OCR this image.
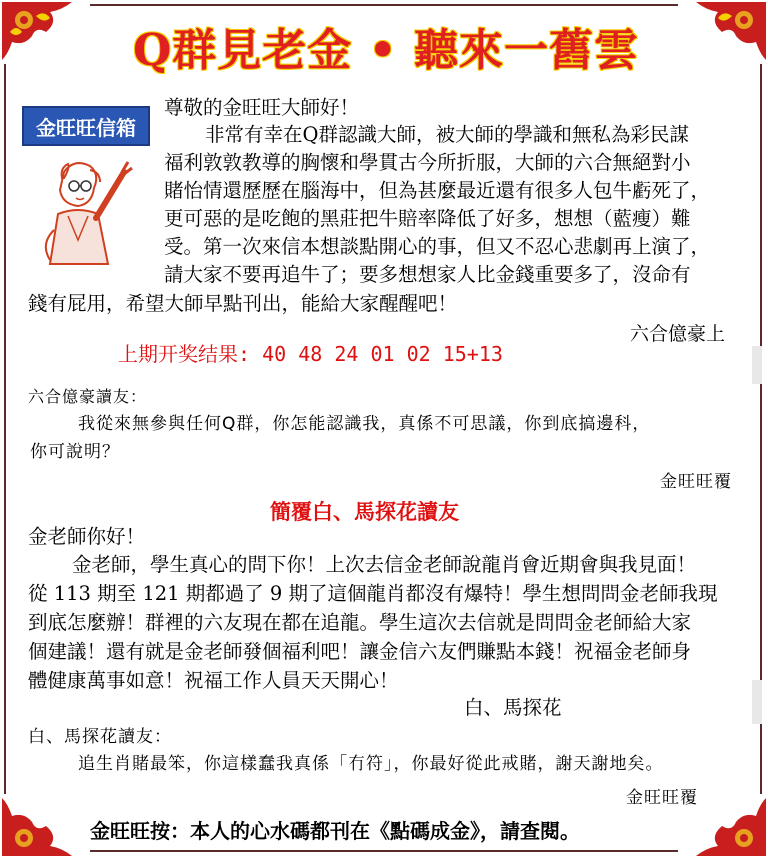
Q群見老金 • 聽來一舊雲
金旺旺信箱
尊敬的金旺旺大師好！
非常有幸在Q群認識大師，被大師的學識和無私為彩民謀
福利敦敦教導的胸懷和學貫古今所折服，大師的六合無絕對小
賭怡情還歷歷在腦海中，但為甚麼最近還有很多人包牛虧死了，
更可惡的是吃飽的黑莊把牛賠率降低了好多，想想（藍瘦）難
受。第一次來信本想談點開心的事，但又不忍心悲劇再上演了，
請大家不要再追牛了；要多想想家人比金錢重要多了，沒命有
錢有屁用，希望大師早點刊出，能給大家醒醒吧！
六合億豪上
上期开奖结果: 40 48 24 01 02 15+13
六合億豪讀友：
我從來無參與任何Q群，你怎能認識我，真係不可思議，你到底搞邊科，
你可說明？
金旺旺覆
簡覆白、馬探花讀友
金老師你好！
金老師，學生真心的問下你！上次去信金老師說龍肖會近期會與我見面！
從 113 期至 121 期都過了 9 期了這個龍肖都沒有爆特！學生想問問金老師我現
到底怎麼辦！群裡的六友現在都在追龍。學生這次去信就是問問金老師給大家
個建議！還有就是金老師發個福利吧！讓金信六友們賺點本錢！祝福金老師身
體健康萬事如意！祝福工作人員天天開心！
白、馬探花
白、馬探花讀友：
追生肖賭最笨，你這樣蠢我真係「冇符」，你最好從此戒賭，謝天謝地矣。
金旺旺覆
金旺旺按：本人的心水碼都刊在《點碼成金》，請查閱。
